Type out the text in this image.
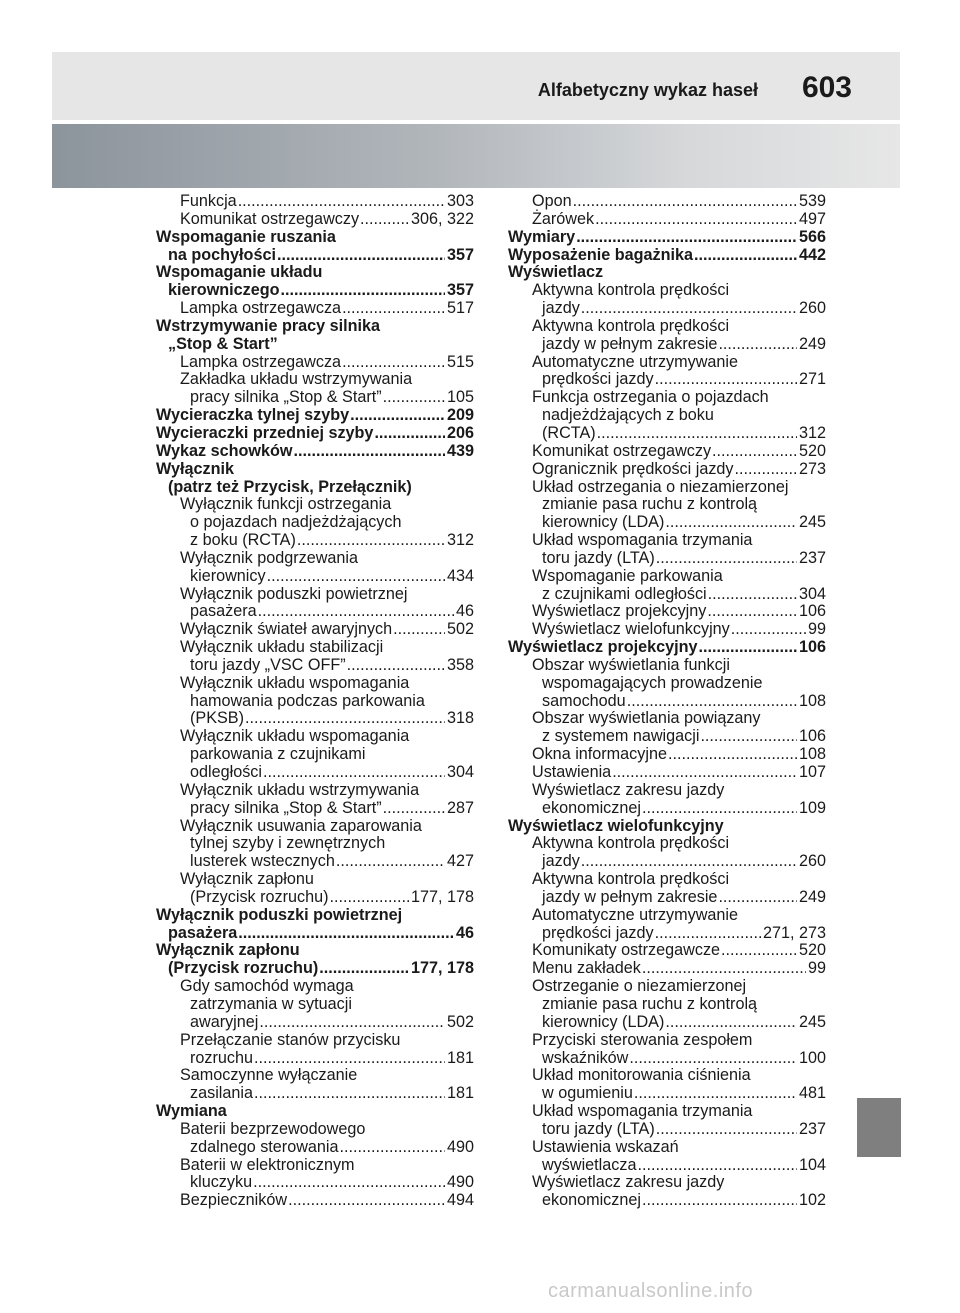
Alfabetyczny wykaz haseł 603
Funkcja .....	303
Komunikat ostrzegawczy .....	306, 322
Wspomaganie ruszania
na pochyłości .....	357
Wspomaganie układu
kierowniczego .....	357
Lampka ostrzegawcza .....	517
Wstrzymywanie pracy silnika
„Stop & Start”
Lampka ostrzegawcza .....	515
Zakładka układu wstrzymywania
pracy silnika „Stop & Start” .....	105
Wycieraczka tylnej szyby .....	209
Wycieraczki przedniej szyby .....	206
Wykaz schowków .....	439
Wyłącznik
(patrz też Przycisk, Przełącznik)
Wyłącznik funkcji ostrzegania
o pojazdach nadjeżdżających
z boku (RCTA) .....	312
Wyłącznik podgrzewania
kierownicy .....	434
Wyłącznik poduszki powietrznej
pasażera .....	46
Wyłącznik świateł awaryjnych .....	502
Wyłącznik układu stabilizacji
toru jazdy „VSC OFF” .....	358
Wyłącznik układu wspomagania
hamowania podczas parkowania
(PKSB) .....	318
Wyłącznik układu wspomagania
parkowania z czujnikami
odległości .....	304
Wyłącznik układu wstrzymywania
pracy silnika „Stop & Start” .....	287
Wyłącznik usuwania zaparowania
tylnej szyby i zewnętrznych
lusterek wstecznych .....	427
Wyłącznik zapłonu
(Przycisk rozruchu) .....	177, 178
Wyłącznik poduszki powietrznej
pasażera .....	46
Wyłącznik zapłonu
(Przycisk rozruchu) .....	177, 178
Gdy samochód wymaga
zatrzymania w sytuacji
awaryjnej .....	502
Przełączanie stanów przycisku
rozruchu .....	181
Samoczynne wyłączanie
zasilania .....	181
Wymiana
Baterii bezprzewodowego
zdalnego sterowania .....	490
Baterii w elektronicznym
kluczyku .....	490
Bezpieczników .....	494
Opon .....	539
Żarówek .....	497
Wymiary .....	566
Wyposażenie bagażnika .....	442
Wyświetlacz
Aktywna kontrola prędkości
jazdy .....	260
Aktywna kontrola prędkości
jazdy w pełnym zakresie .....	249
Automatyczne utrzymywanie
prędkości jazdy .....	271
Funkcja ostrzegania o pojazdach
nadjeżdżających z boku
(RCTA) .....	312
Komunikat ostrzegawczy .....	520
Ogranicznik prędkości jazdy .....	273
Układ ostrzegania o niezamierzonej
zmianie pasa ruchu z kontrolą
kierownicy (LDA) .....	245
Układ wspomagania trzymania
toru jazdy (LTA) .....	237
Wspomaganie parkowania
z czujnikami odległości .....	304
Wyświetlacz projekcyjny .....	106
Wyświetlacz wielofunkcyjny .....	99
Wyświetlacz projekcyjny .....	106
Obszar wyświetlania funkcji
wspomagających prowadzenie
samochodu .....	108
Obszar wyświetlania powiązany
z systemem nawigacji .....	106
Okna informacyjne .....	108
Ustawienia .....	107
Wyświetlacz zakresu jazdy
ekonomicznej .....	109
Wyświetlacz wielofunkcyjny
Aktywna kontrola prędkości
jazdy .....	260
Aktywna kontrola prędkości
jazdy w pełnym zakresie .....	249
Automatyczne utrzymywanie
prędkości jazdy .....	271, 273
Komunikaty ostrzegawcze .....	520
Menu zakładek .....	99
Ostrzeganie o niezamierzonej
zmianie pasa ruchu z kontrolą
kierownicy (LDA) .....	245
Przyciski sterowania zespołem
wskaźników .....	100
Układ monitorowania ciśnienia
w ogumieniu .....	481
Układ wspomagania trzymania
toru jazdy (LTA) .....	237
Ustawienia wskazań
wyświetlacza .....	104
Wyświetlacz zakresu jazdy
ekonomicznej .....	102
carmanualsonline.info
